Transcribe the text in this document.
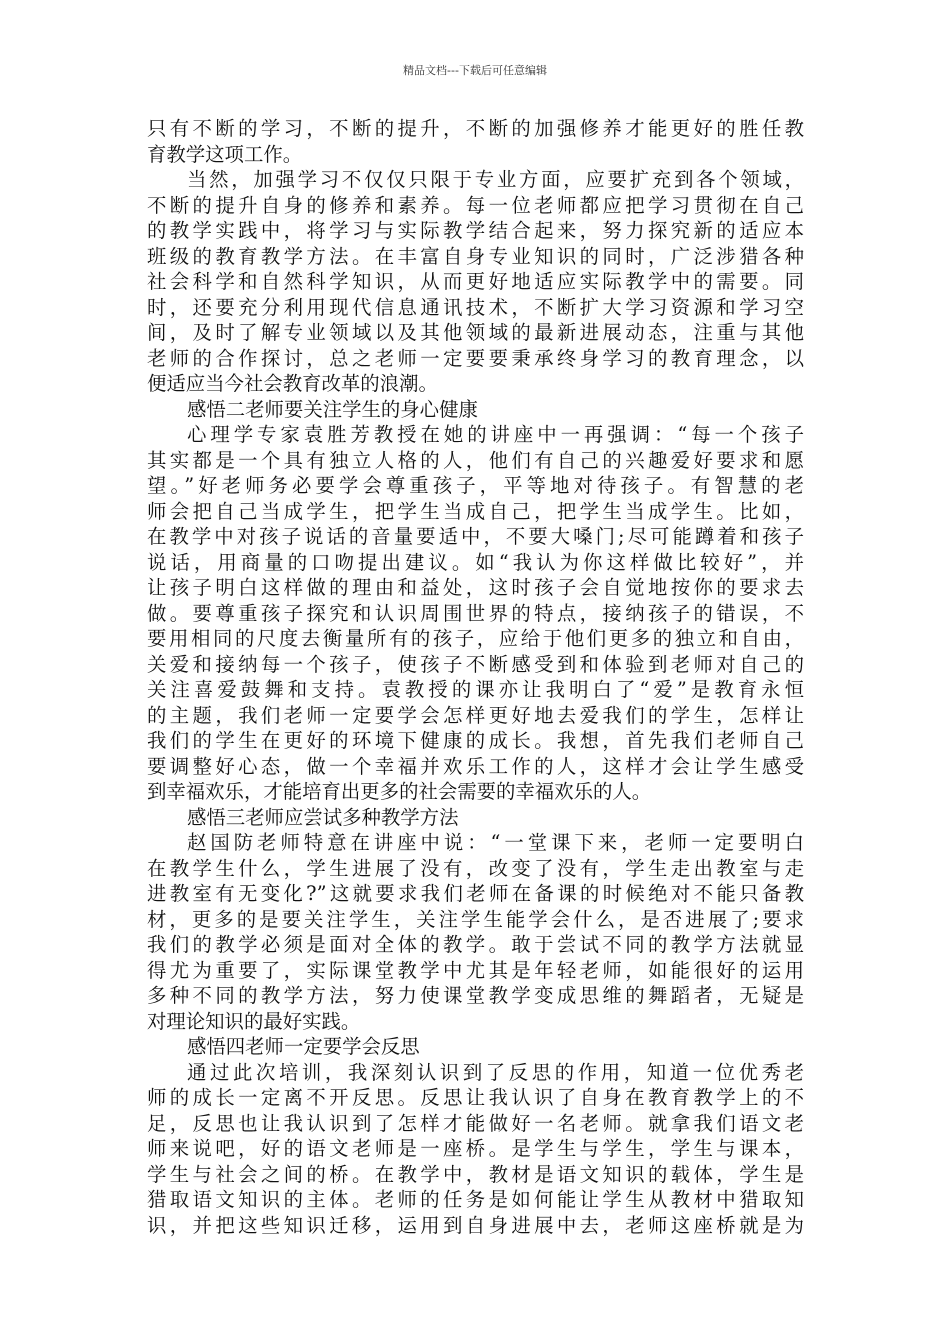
精品文档---下载后可任意编辑
只有不断的学习，不断的提升，不断的加强修养才能更好的胜任教
育教学这项工作。
当然，加强学习不仅仅只限于专业方面，应要扩充到各个领域，
不断的提升自身的修养和素养。每一位老师都应把学习贯彻在自己
的教学实践中，将学习与实际教学结合起来，努力探究新的适应本
班级的教育教学方法。在丰富自身专业知识的同时，广泛涉猎各种
社会科学和自然科学知识，从而更好地适应实际教学中的需要。同
时，还要充分利用现代信息通讯技术，不断扩大学习资源和学习空
间，及时了解专业领域以及其他领域的最新进展动态，注重与其他
老师的合作探讨，总之老师一定要要秉承终身学习的教育理念，以
便适应当今社会教育改革的浪潮。
感悟二老师要关注学生的身心健康
心理学专家袁胜芳教授在她的讲座中一再强调：“每一个孩子
其实都是一个具有独立人格的人，他们有自己的兴趣爱好要求和愿
望。”好老师务必要学会尊重孩子，平等地对待孩子。有智慧的老
师会把自己当成学生，把学生当成自己，把学生当成学生。比如，
在教学中对孩子说话的音量要适中，不要大嗓门;尽可能蹲着和孩子
说话，用商量的口吻提出建议。如“我认为你这样做比较好”，并
让孩子明白这样做的理由和益处，这时孩子会自觉地按你的要求去
做。要尊重孩子探究和认识周围世界的特点，接纳孩子的错误，不
要用相同的尺度去衡量所有的孩子，应给于他们更多的独立和自由，
关爱和接纳每一个孩子，使孩子不断感受到和体验到老师对自己的
关注喜爱鼓舞和支持。袁教授的课亦让我明白了“爱”是教育永恒
的主题，我们老师一定要学会怎样更好地去爱我们的学生，怎样让
我们的学生在更好的环境下健康的成长。我想，首先我们老师自己
要调整好心态，做一个幸福并欢乐工作的人，这样才会让学生感受
到幸福欢乐，才能培育出更多的社会需要的幸福欢乐的人。
感悟三老师应尝试多种教学方法
赵国防老师特意在讲座中说：“一堂课下来，老师一定要明白
在教学生什么，学生进展了没有，改变了没有，学生走出教室与走
进教室有无变化?”这就要求我们老师在备课的时候绝对不能只备教
材，更多的是要关注学生，关注学生能学会什么，是否进展了;要求
我们的教学必须是面对全体的教学。敢于尝试不同的教学方法就显
得尤为重要了，实际课堂教学中尤其是年轻老师，如能很好的运用
多种不同的教学方法，努力使课堂教学变成思维的舞蹈者，无疑是
对理论知识的最好实践。
感悟四老师一定要学会反思
通过此次培训，我深刻认识到了反思的作用，知道一位优秀老
师的成长一定离不开反思。反思让我认识了自身在教育教学上的不
足，反思也让我认识到了怎样才能做好一名老师。就拿我们语文老
师来说吧，好的语文老师是一座桥。是学生与学生，学生与课本，
学生与社会之间的桥。在教学中，教材是语文知识的载体，学生是
猎取语文知识的主体。老师的任务是如何能让学生从教材中猎取知
识，并把这些知识迁移，运用到自身进展中去，老师这座桥就是为
